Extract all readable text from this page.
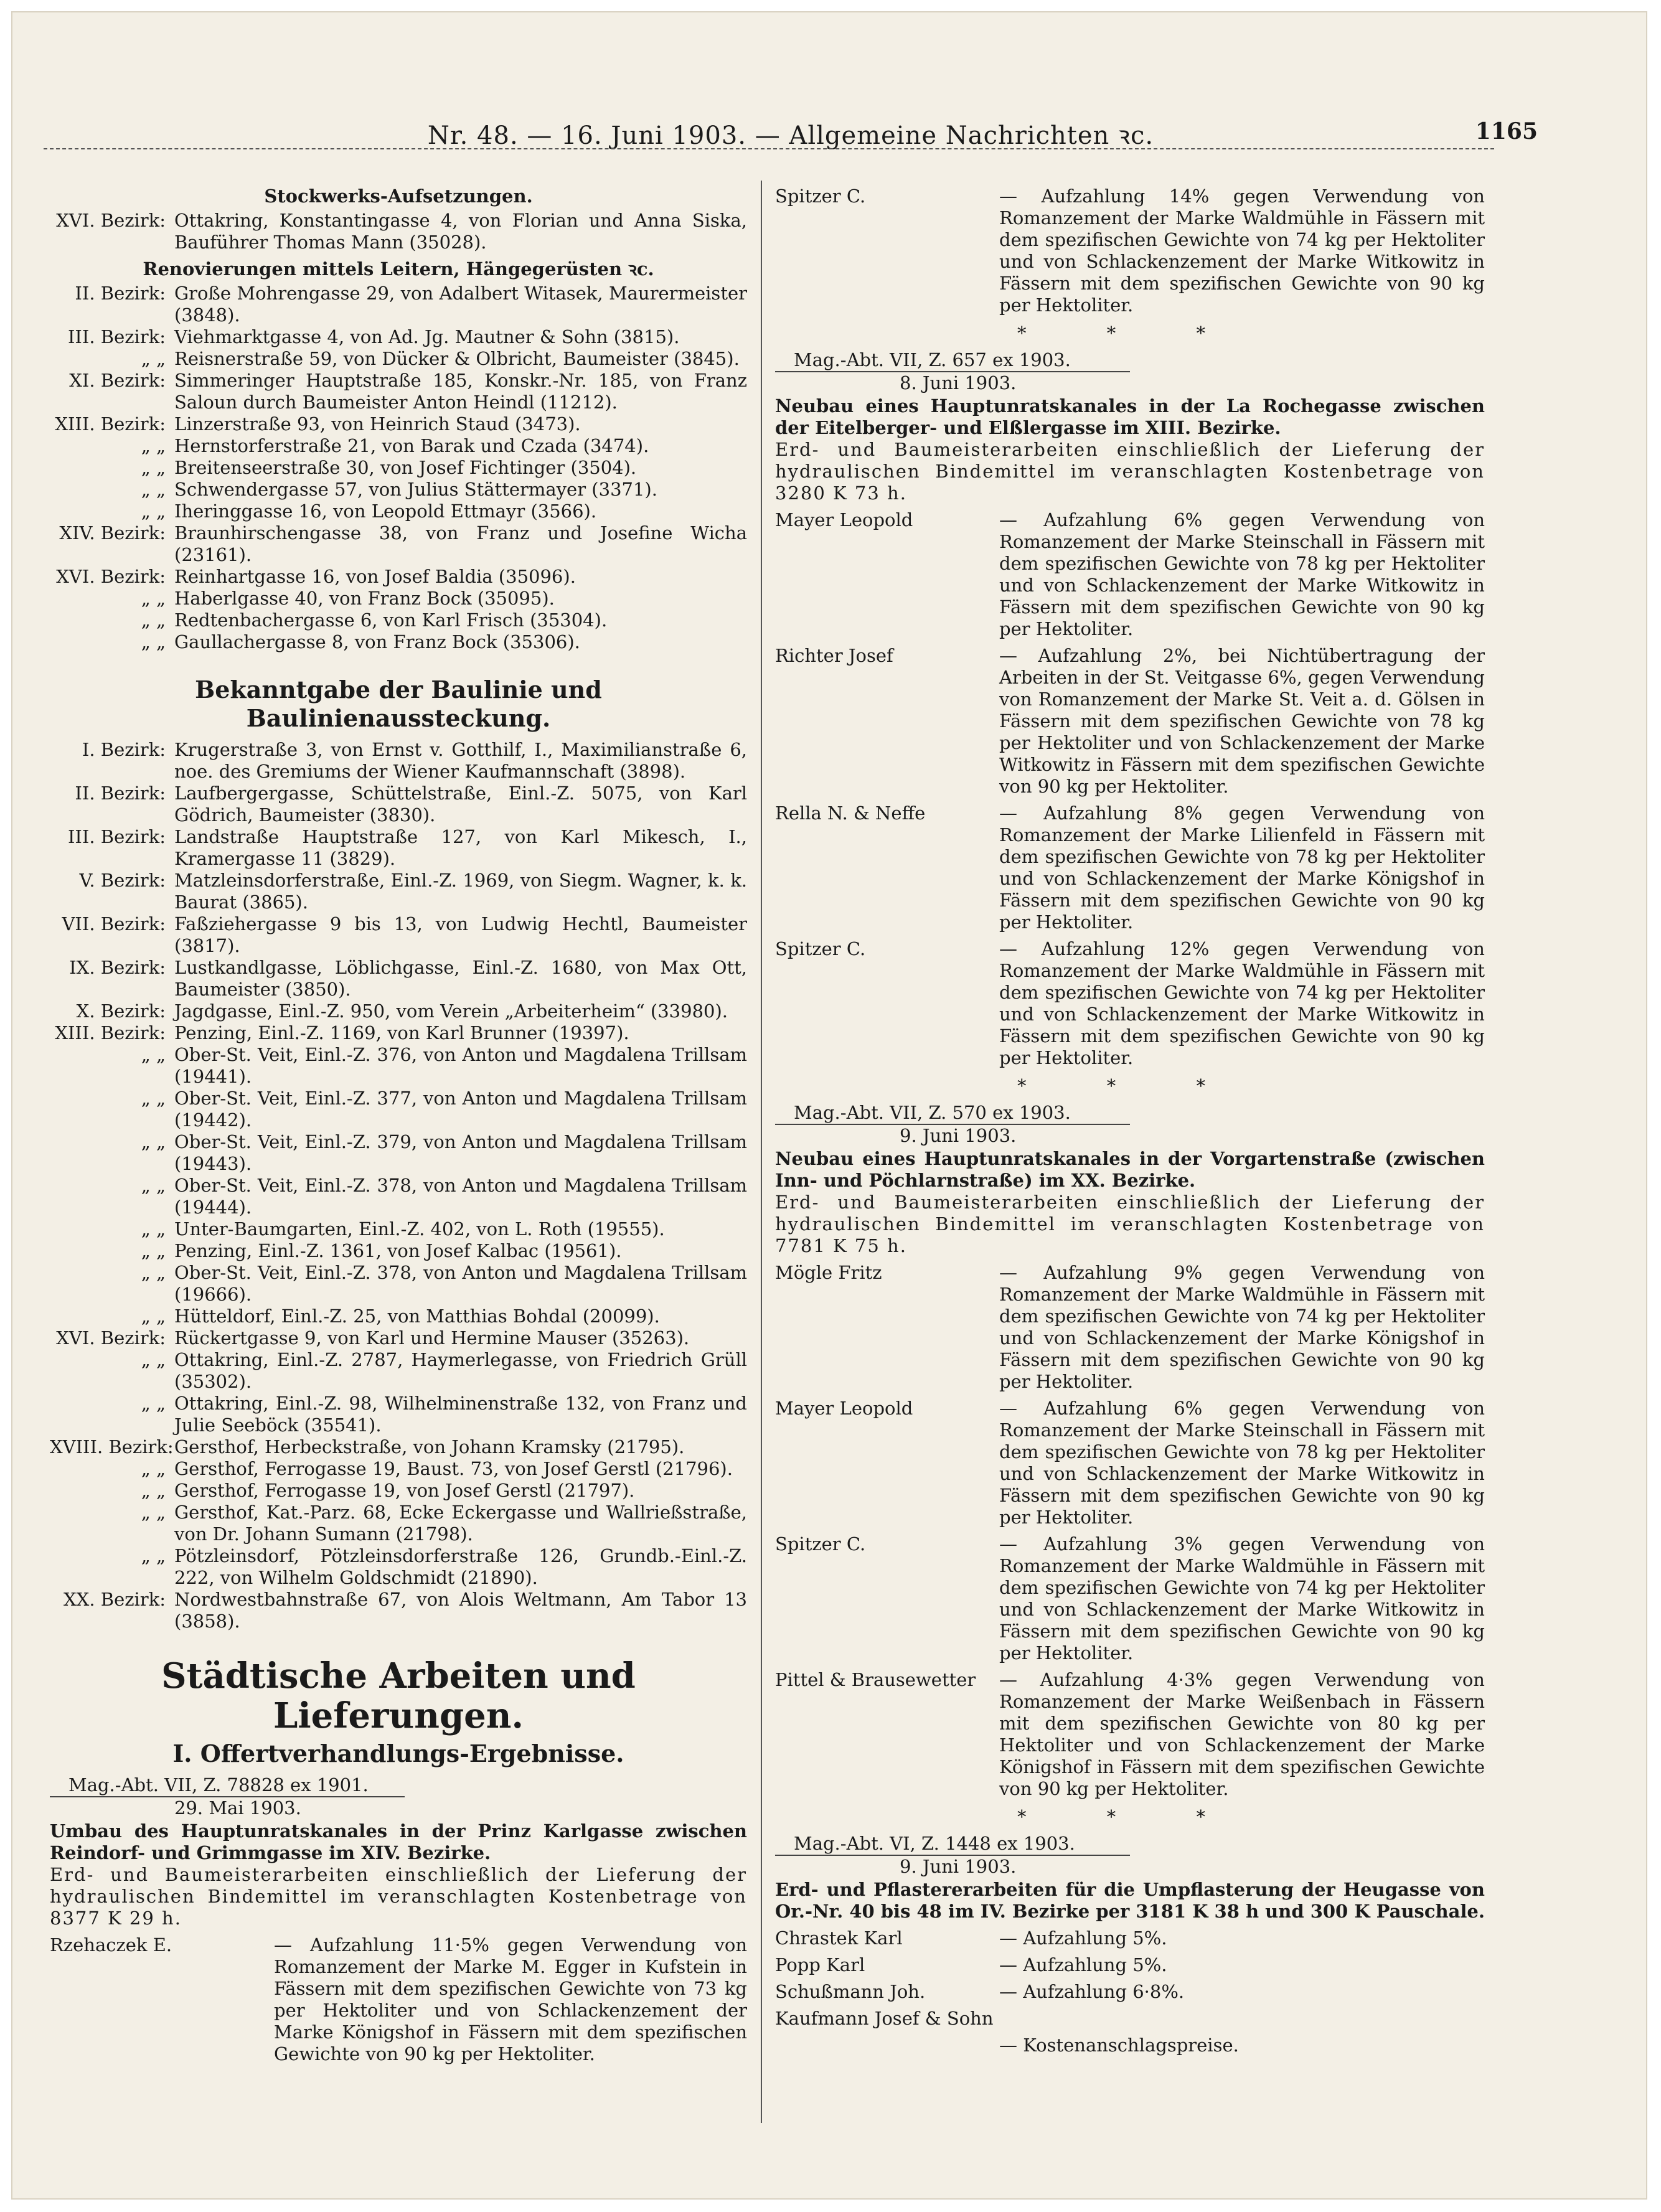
Nr. 48. — 16. Juni 1903. — Allgemeine Nachrichten ꝛc.	1165
Stockwerks-Aufsetzungen.
XVI. Bezirk: Ottakring, Konstantingasse 4, von Florian und Anna Siska, Bauführer Thomas Mann (35028).
Renovierungen mittels Leitern, Hängegerüsten ꝛc.
II. Bezirk: Große Mohrengasse 29, von Adalbert Witasek, Maurermeister (3848).
III. Bezirk: Viehmarktgasse 4, von Ad. Jg. Mautner & Sohn (3815).
„ „ Reisnerstraße 59, von Dücker & Olbricht, Baumeister (3845).
XI. Bezirk: Simmeringer Hauptstraße 185, Konskr.-Nr. 185, von Franz Saloun durch Baumeister Anton Heindl (11212).
XIII. Bezirk: Linzerstraße 93, von Heinrich Staud (3473).
„ „ Hernstorferstraße 21, von Barak und Czada (3474).
„ „ Breitenseerstraße 30, von Josef Fichtinger (3504).
„ „ Schwendergasse 57, von Julius Stättermayer (3371).
„ „ Iheringgasse 16, von Leopold Ettmayr (3566).
XIV. Bezirk: Braunhirschengasse 38, von Franz und Josefine Wicha (23161).
XVI. Bezirk: Reinhartgasse 16, von Josef Baldia (35096).
„ „ Haberlgasse 40, von Franz Bock (35095).
„ „ Redtenbachergasse 6, von Karl Frisch (35304).
„ „ Gaullachergasse 8, von Franz Bock (35306).
Bekanntgabe der Baulinie und Baulinienaussteckung.
I. Bezirk: Krugerstraße 3, von Ernst v. Gotthilf, I., Maximilianstraße 6, noe. des Gremiums der Wiener Kaufmannschaft (3898).
II. Bezirk: Laufbergergasse, Schüttelstraße, Einl.-Z. 5075, von Karl Gödrich, Baumeister (3830).
III. Bezirk: Landstraße Hauptstraße 127, von Karl Mikesch, I., Kramergasse 11 (3829).
V. Bezirk: Matzleinsdorferstraße, Einl.-Z. 1969, von Siegm. Wagner, k. k. Baurat (3865).
VII. Bezirk: Faßziehergasse 9 bis 13, von Ludwig Hechtl, Baumeister (3817).
IX. Bezirk: Lustkandlgasse, Löblichgasse, Einl.-Z. 1680, von Max Ott, Baumeister (3850).
X. Bezirk: Jagdgasse, Einl.-Z. 950, vom Verein „Arbeiterheim“ (33980).
XIII. Bezirk: Penzing, Einl.-Z. 1169, von Karl Brunner (19397).
„ „ Ober-St. Veit, Einl.-Z. 376, von Anton und Magdalena Trillsam (19441).
„ „ Ober-St. Veit, Einl.-Z. 377, von Anton und Magdalena Trillsam (19442).
„ „ Ober-St. Veit, Einl.-Z. 379, von Anton und Magdalena Trillsam (19443).
„ „ Ober-St. Veit, Einl.-Z. 378, von Anton und Magdalena Trillsam (19444).
„ „ Unter-Baumgarten, Einl.-Z. 402, von L. Roth (19555).
„ „ Penzing, Einl.-Z. 1361, von Josef Kalbac (19561).
„ „ Ober-St. Veit, Einl.-Z. 378, von Anton und Magdalena Trillsam (19666).
„ „ Hütteldorf, Einl.-Z. 25, von Matthias Bohdal (20099).
XVI. Bezirk: Rückertgasse 9, von Karl und Hermine Mauser (35263).
„ „ Ottakring, Einl.-Z. 2787, Haymerlegasse, von Friedrich Grüll (35302).
„ „ Ottakring, Einl.-Z. 98, Wilhelminenstraße 132, von Franz und Julie Seeböck (35541).
XVIII. Bezirk: Gersthof, Herbeckstraße, von Johann Kramsky (21795).
„ „ Gersthof, Ferrogasse 19, Baust. 73, von Josef Gerstl (21796).
„ „ Gersthof, Ferrogasse 19, von Josef Gerstl (21797).
„ „ Gersthof, Kat.-Parz. 68, Ecke Eckergasse und Wallrießstraße, von Dr. Johann Sumann (21798).
„ „ Pötzleinsdorf, Pötzleinsdorferstraße 126, Grundb.-Einl.-Z. 222, von Wilhelm Goldschmidt (21890).
XX. Bezirk: Nordwestbahnstraße 67, von Alois Weltmann, Am Tabor 13 (3858).
Städtische Arbeiten und Lieferungen.
I. Offertverhandlungs-Ergebnisse.
Mag.-Abt. VII, Z. 78828 ex 1901.
29. Mai 1903.
Umbau des Hauptunratskanales in der Prinz Karlgasse zwischen Reindorf- und Grimmgasse im XIV. Bezirke.
Erd- und Baumeisterarbeiten einschließlich der Lieferung der hydraulischen Bindemittel im veranschlagten Kostenbetrage von 8377 K 29 h.
Rzehaczek E.	— Aufzahlung 11·5% gegen Verwendung von Romanzement der Marke M. Egger in Kufstein in Fässern mit dem spezifischen Gewichte von 73 kg per Hektoliter und von Schlackenzement der Marke Königshof in Fässern mit dem spezifischen Gewichte von 90 kg per Hektoliter.
Spitzer C.	— Aufzahlung 14% gegen Verwendung von Romanzement der Marke Waldmühle in Fässern mit dem spezifischen Gewichte von 74 kg per Hektoliter und von Schlackenzement der Marke Witkowitz in Fässern mit dem spezifischen Gewichte von 90 kg per Hektoliter.
* * *
Mag.-Abt. VII, Z. 657 ex 1903.
8. Juni 1903.
Neubau eines Hauptunratskanales in der La Rochegasse zwischen der Eitelberger- und Elßlergasse im XIII. Bezirke.
Erd- und Baumeisterarbeiten einschließlich der Lieferung der hydraulischen Bindemittel im veranschlagten Kostenbetrage von 3280 K 73 h.
Mayer Leopold	— Aufzahlung 6% gegen Verwendung von Romanzement der Marke Steinschall in Fässern mit dem spezifischen Gewichte von 78 kg per Hektoliter und von Schlackenzement der Marke Witkowitz in Fässern mit dem spezifischen Gewichte von 90 kg per Hektoliter.
Richter Josef	— Aufzahlung 2%, bei Nichtübertragung der Arbeiten in der St. Veitgasse 6%, gegen Verwendung von Romanzement der Marke St. Veit a. d. Gölsen in Fässern mit dem spezifischen Gewichte von 78 kg per Hektoliter und von Schlackenzement der Marke Witkowitz in Fässern mit dem spezifischen Gewichte von 90 kg per Hektoliter.
Rella N. & Neffe	— Aufzahlung 8% gegen Verwendung von Romanzement der Marke Lilienfeld in Fässern mit dem spezifischen Gewichte von 78 kg per Hektoliter und von Schlackenzement der Marke Königshof in Fässern mit dem spezifischen Gewichte von 90 kg per Hektoliter.
Spitzer C.	— Aufzahlung 12% gegen Verwendung von Romanzement der Marke Waldmühle in Fässern mit dem spezifischen Gewichte von 74 kg per Hektoliter und von Schlackenzement der Marke Witkowitz in Fässern mit dem spezifischen Gewichte von 90 kg per Hektoliter.
* * *
Mag.-Abt. VII, Z. 570 ex 1903.
9. Juni 1903.
Neubau eines Hauptunratskanales in der Vorgartenstraße (zwischen Inn- und Pöchlarnstraße) im XX. Bezirke.
Erd- und Baumeisterarbeiten einschließlich der Lieferung der hydraulischen Bindemittel im veranschlagten Kostenbetrage von 7781 K 75 h.
Mögle Fritz	— Aufzahlung 9% gegen Verwendung von Romanzement der Marke Waldmühle in Fässern mit dem spezifischen Gewichte von 74 kg per Hektoliter und von Schlackenzement der Marke Königshof in Fässern mit dem spezifischen Gewichte von 90 kg per Hektoliter.
Mayer Leopold	— Aufzahlung 6% gegen Verwendung von Romanzement der Marke Steinschall in Fässern mit dem spezifischen Gewichte von 78 kg per Hektoliter und von Schlackenzement der Marke Witkowitz in Fässern mit dem spezifischen Gewichte von 90 kg per Hektoliter.
Spitzer C.	— Aufzahlung 3% gegen Verwendung von Romanzement der Marke Waldmühle in Fässern mit dem spezifischen Gewichte von 74 kg per Hektoliter und von Schlackenzement der Marke Witkowitz in Fässern mit dem spezifischen Gewichte von 90 kg per Hektoliter.
Pittel & Brausewetter	— Aufzahlung 4·3% gegen Verwendung von Romanzement der Marke Weißenbach in Fässern mit dem spezifischen Gewichte von 80 kg per Hektoliter und von Schlackenzement der Marke Königshof in Fässern mit dem spezifischen Gewichte von 90 kg per Hektoliter.
* * *
Mag.-Abt. VI, Z. 1448 ex 1903.
9. Juni 1903.
Erd- und Pflastererarbeiten für die Umpflasterung der Heugasse von Or.-Nr. 40 bis 48 im IV. Bezirke per 3181 K 38 h und 300 K Pauschale.
Chrastek Karl	— Aufzahlung 5%.
Popp Karl	— Aufzahlung 5%.
Schußmann Joh.	— Aufzahlung 6·8%.
Kaufmann Josef & Sohn
— Kostenanschlagspreise.
